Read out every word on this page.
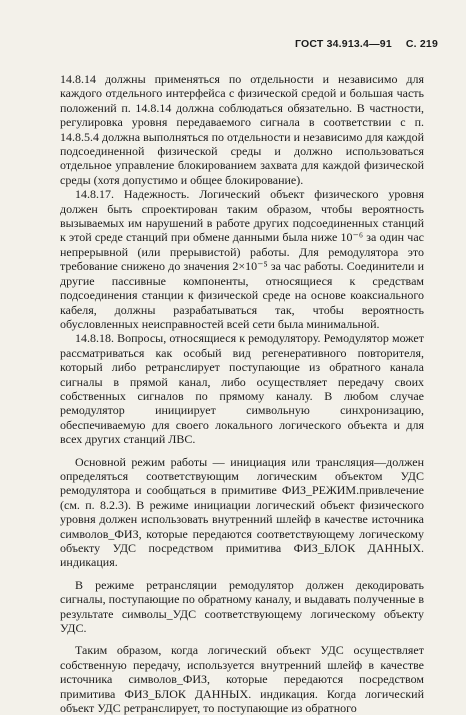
ГОСТ 34.913.4—91 С. 219

14.8.14 должны применяться по отдельности и независимо для каждого отдельного интерфейса с физической средой и большая часть положений п. 14.8.14 должна соблюдаться обязательно. В частности, регулировка уровня передаваемого сигнала в соответствии с п. 14.8.5.4 должна выполняться по отдельности и независимо для каждой подсоединенной физической среды и должно использоваться отдельное управление блокированием захвата для каждой физической среды (хотя допустимо и общее блокирование).

14.8.17. Надежность. Логический объект физического уровня должен быть спроектирован таким образом, чтобы вероятность вызываемых им нарушений в работе других подсоединенных станций к этой среде станций при обмене данными была ниже 10⁻⁶ за один час непрерывной (или прерывистой) работы. Для ремодулятора это требование снижено до значения 2×10⁻⁵ за час работы. Соединители и другие пассивные компоненты, относящиеся к средствам подсоединения станции к физической среде на основе коаксиального кабеля, должны разрабатываться так, чтобы вероятность обусловленных неисправностей всей сети была минимальной.

14.8.18. Вопросы, относящиеся к ремодулятору. Ремодулятор может рассматриваться как особый вид регенеративного повторителя, который либо ретранслирует поступающие из обратного канала сигналы в прямой канал, либо осуществляет передачу своих собственных сигналов по прямому каналу. В любом случае ремодулятор инициирует символьную синхронизацию, обеспечиваемую для своего локального логического объекта и для всех других станций ЛВС.

Основной режим работы — инициация или трансляция—должен определяться соответствующим логическим объектом УДС ремодулятора и сообщаться в примитиве ФИЗ_РЕЖИМ.привлечение (см. п. 8.2.3). В режиме инициации логический объект физического уровня должен использовать внутренний шлейф в качестве источника символов_ФИЗ, которые передаются соответствующему логическому объекту УДС посредством примитива ФИЗ_БЛОК ДАННЫХ. индикация.

В режиме ретрансляции ремодулятор должен декодировать сигналы, поступающие по обратному каналу, и выдавать полученные в результате символы_УДС соответствующему логическому объекту УДС.

Таким образом, когда логический объект УДС осуществляет собственную передачу, используется внутренний шлейф в качестве источника символов_ФИЗ, которые передаются посредством примитива ФИЗ_БЛОК ДАННЫХ. индикация. Когда логический объект УДС ретранслирует, то поступающие из обратного
